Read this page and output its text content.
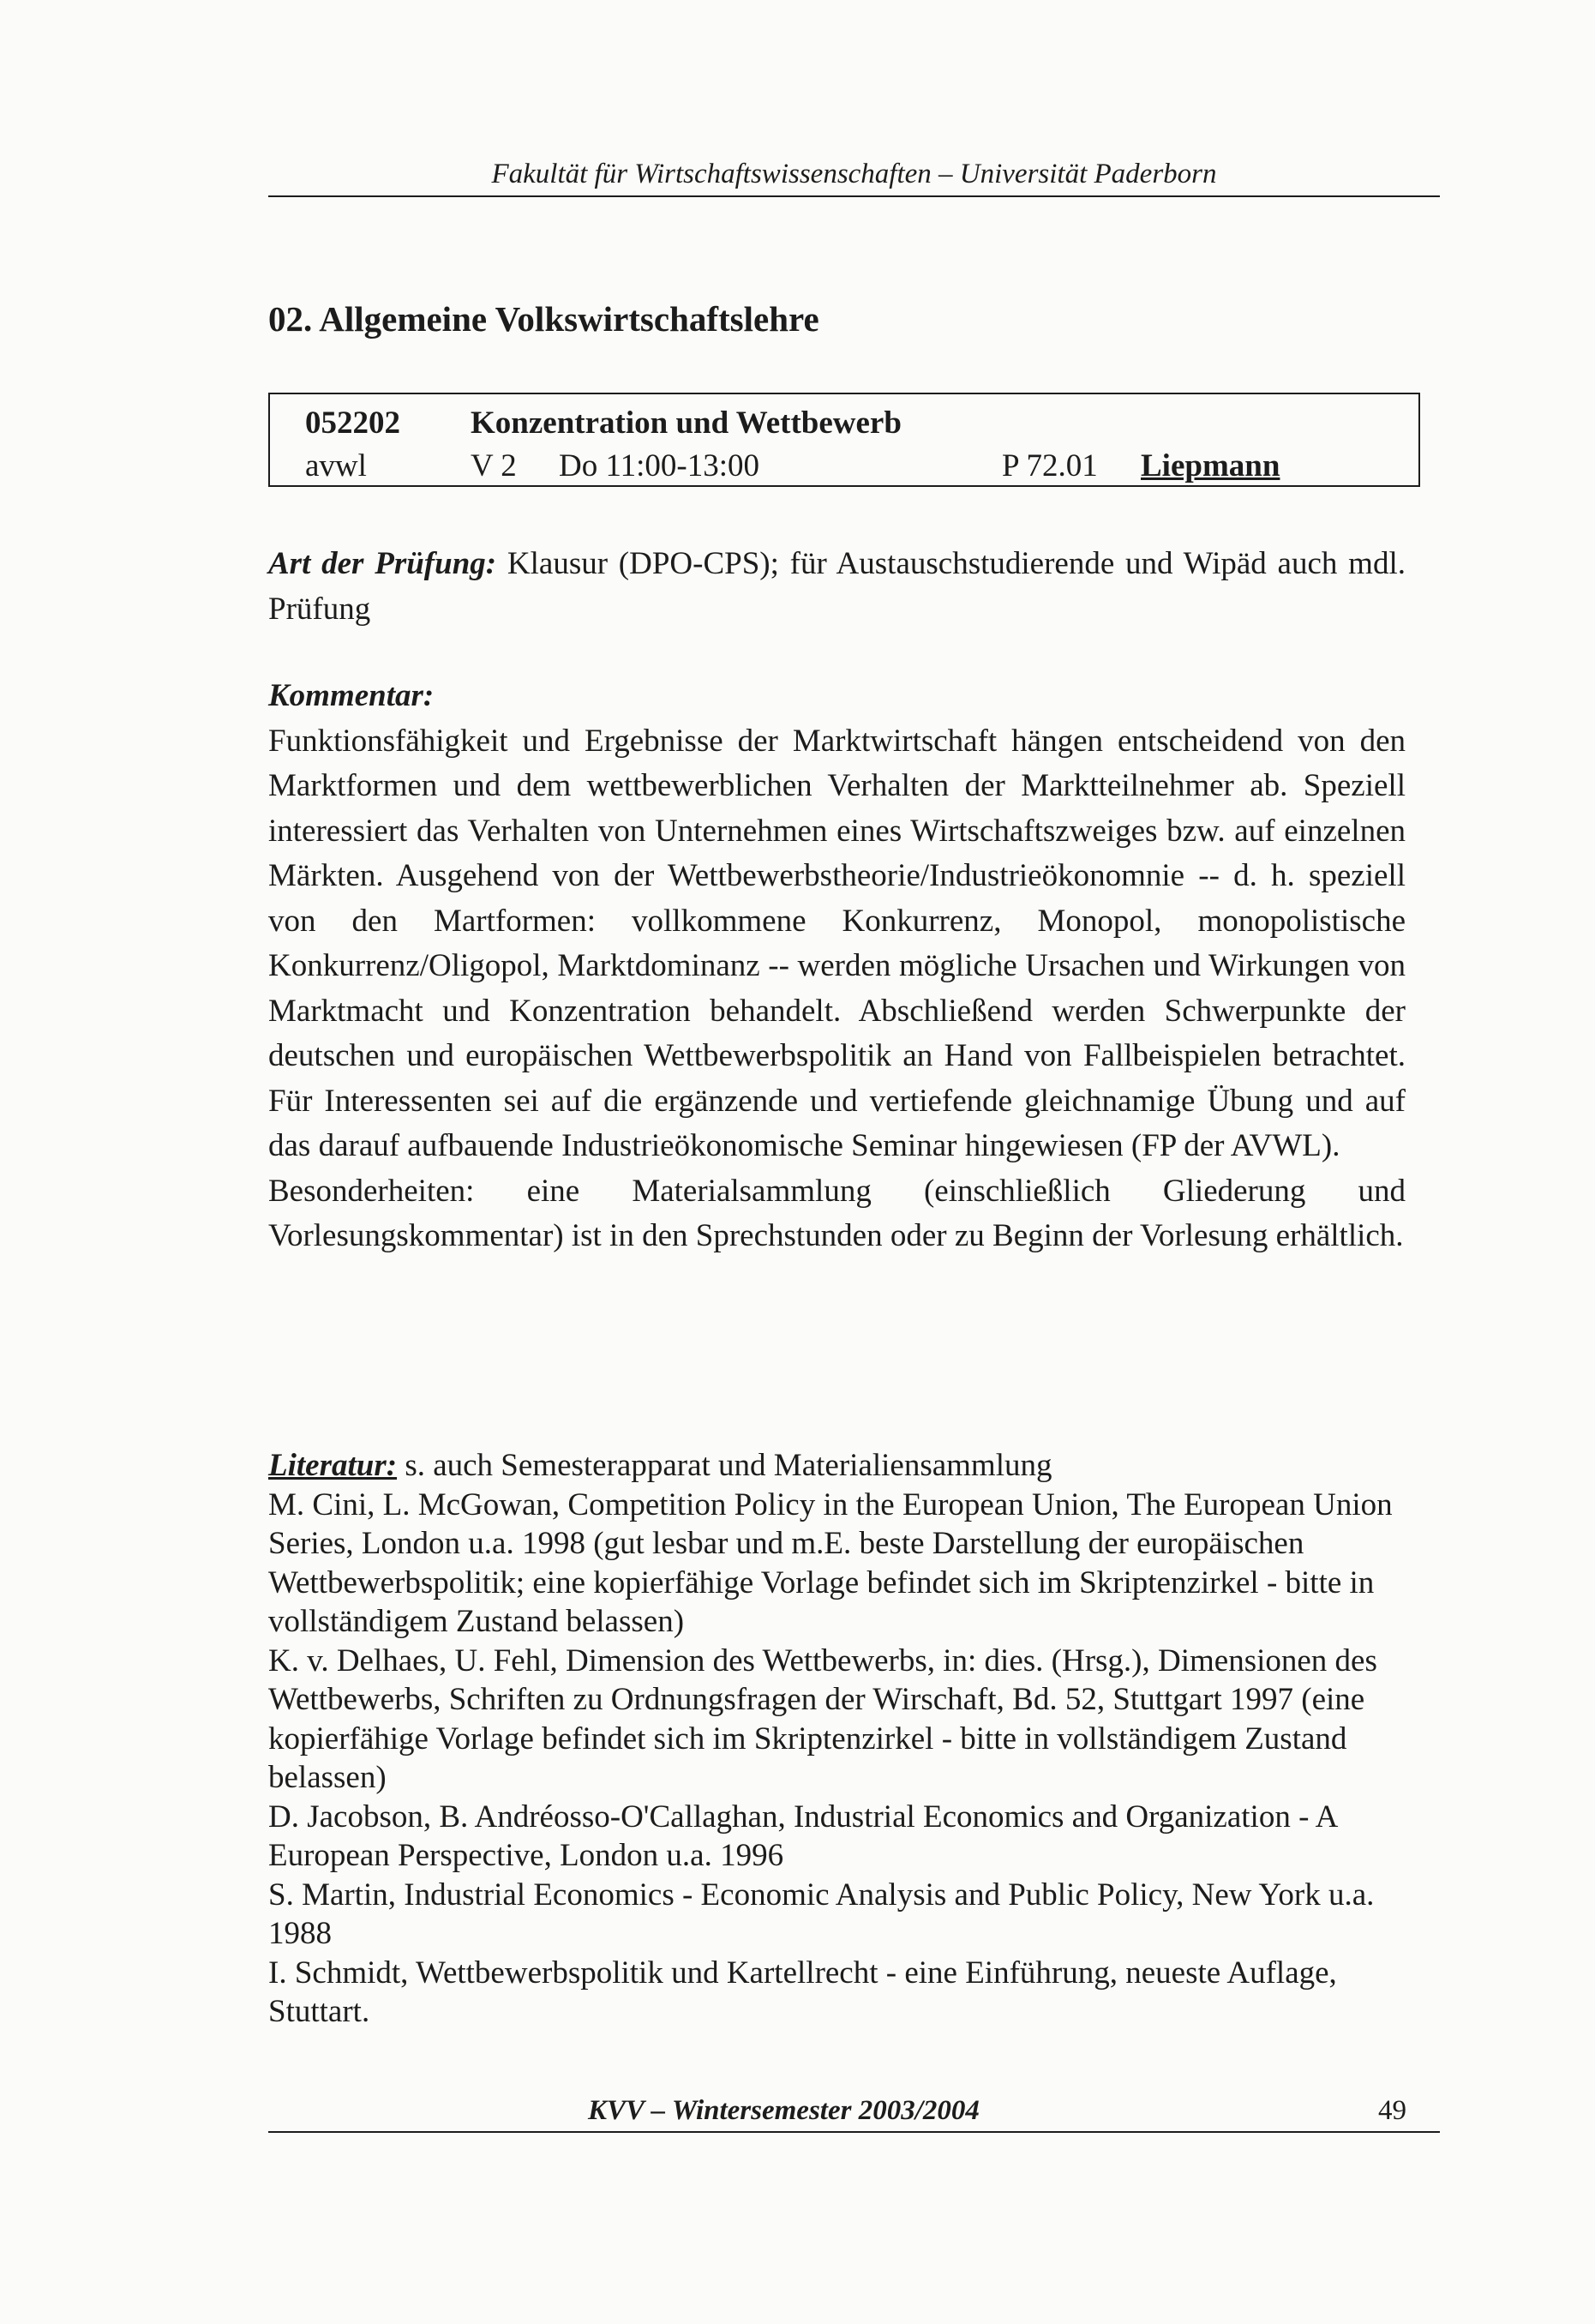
Fakultät für Wirtschaftswissenschaften – Universität Paderborn
02. Allgemeine Volkswirtschaftslehre
052202 Konzentration und Wettbewerb
avwl	V 2 Do 11:00-13:00	P 72.01 Liepmann
Art der Prüfung: Klausur (DPO-CPS); für Austauschstudierende und Wipäd auch mdl. Prüfung
Kommentar:
Funktionsfähigkeit und Ergebnisse der Marktwirtschaft hängen entscheidend von den Marktformen und dem wettbewerblichen Verhalten der Marktteilnehmer ab. Speziell interessiert das Verhalten von Unternehmen eines Wirtschaftszweiges bzw. auf einzelnen Märkten. Ausgehend von der Wettbewerbstheorie/Industrieökonomnie -- d. h. speziell von den Martformen: vollkommene Konkurrenz, Monopol, monopolistische Konkurrenz/Oligopol, Marktdominanz -- werden mögliche Ursachen und Wirkungen von Marktmacht und Konzentration behandelt. Abschließend werden Schwerpunkte der deutschen und europäischen Wettbewerbspolitik an Hand von Fallbeispielen betrachtet. Für Interessenten sei auf die ergänzende und vertiefende gleichnamige Übung und auf das darauf aufbauende Industrieökonomische Seminar hingewiesen (FP der AVWL).
Besonderheiten: eine Materialsammlung (einschließlich Gliederung und Vorlesungskommentar) ist in den Sprechstunden oder zu Beginn der Vorlesung erhältlich.

Literatur: s. auch Semesterapparat und Materialiensammlung

M. Cini, L. McGowan, Competition Policy in the European Union, The European Union Series, London u.a. 1998 (gut lesbar und m.E. beste Darstellung der europäischen Wettbewerbspolitik; eine kopierfähige Vorlage befindet sich im Skriptenzirkel - bitte in vollständigem Zustand belassen)

K. v. Delhaes, U. Fehl, Dimension des Wettbewerbs, in: dies. (Hrsg.), Dimensionen des Wettbewerbs, Schriften zu Ordnungsfragen der Wirschaft, Bd. 52, Stuttgart 1997 (eine kopierfähige Vorlage befindet sich im Skriptenzirkel - bitte in vollständigem Zustand belassen)

D. Jacobson, B. Andréosso-O'Callaghan, Industrial Economics and Organization - A European Perspective, London u.a. 1996

S. Martin, Industrial Economics - Economic Analysis and Public Policy, New York u.a. 1988

I. Schmidt, Wettbewerbspolitik und Kartellrecht - eine Einführung, neueste Auflage, Stuttart.

KVV – Wintersemester 2003/2004	49
